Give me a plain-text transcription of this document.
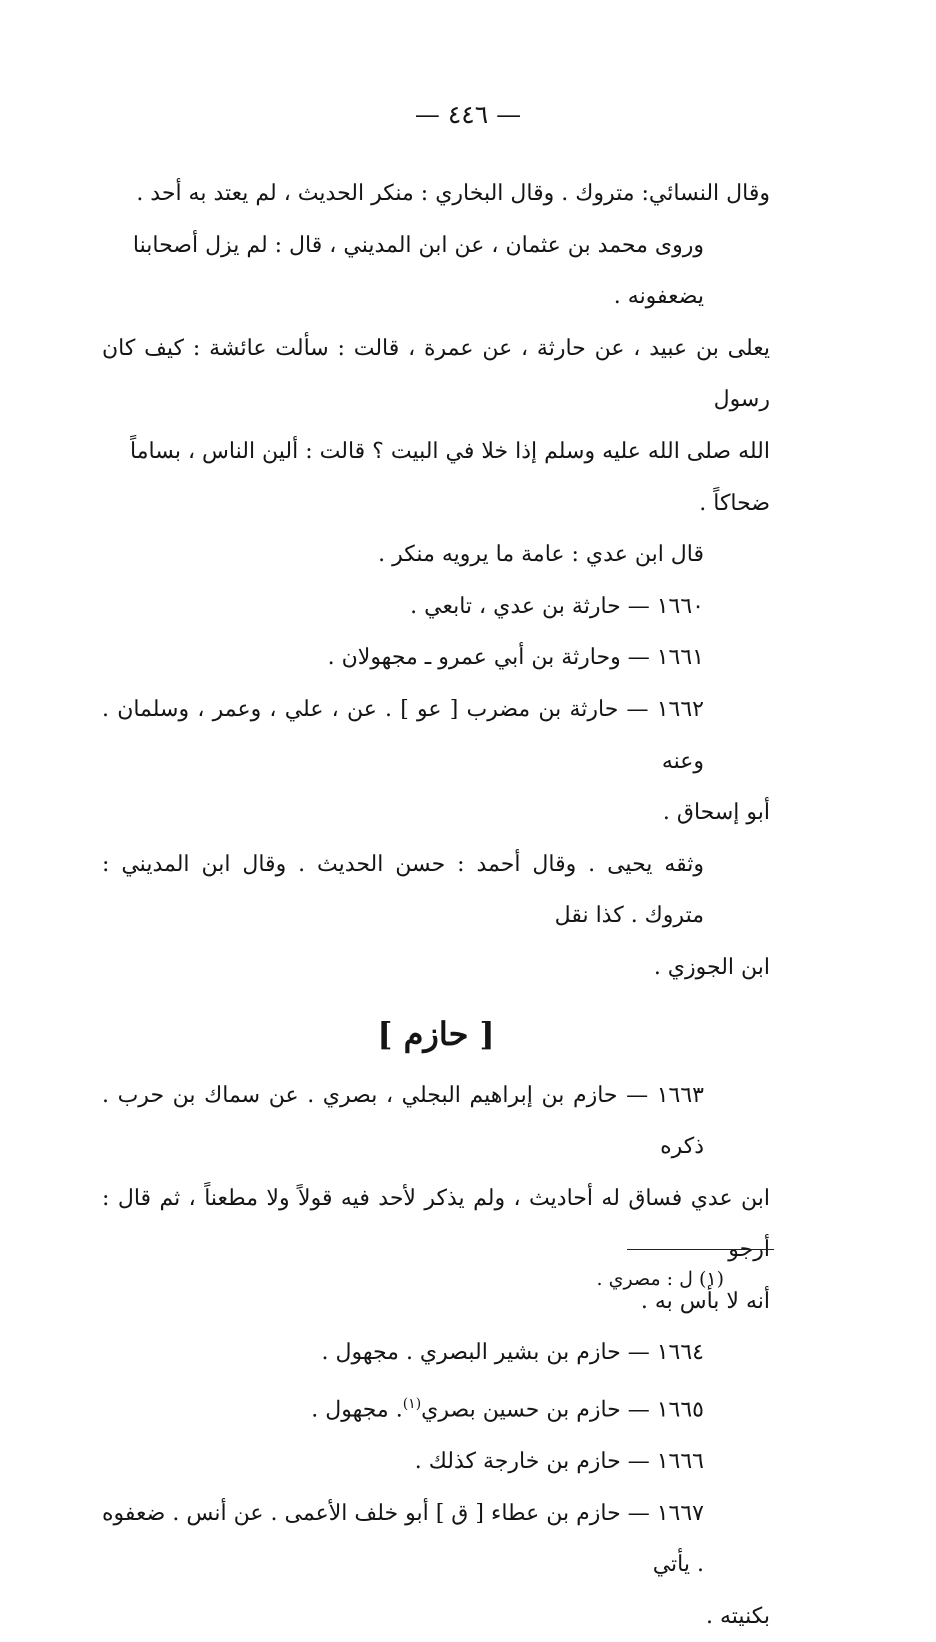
— ٤٤٦ —

وقال النسائي: متروك . وقال البخاري : منكر الحديث ، لم يعتد به أحد .

وروى محمد بن عثمان ، عن ابن المديني ، قال : لم يزل أصحابنا يضعفونه .

يعلى بن عبيد ، عن حارثة ، عن عمرة ، قالت : سألت عائشة : كيف كان رسول

الله صلى الله عليه وسلم إذا خلا في البيت ؟ قالت : ألين الناس ، بساماً ضحاكاً .

قال ابن عدي : عامة ما يرويه منكر .

١٦٦٠ — حارثة بن عدي ، تابعي .

١٦٦١ — وحارثة بن أبي عمرو ـ مجهولان .

١٦٦٢ — حارثة بن مضرب [ عو ] . عن ، علي ، وعمر ، وسلمان . وعنه

أبو إسحاق .

وثقه يحيى . وقال أحمد : حسن الحديث . وقال ابن المديني : متروك . كذا نقل

ابن الجوزي .

[ حازم ]

١٦٦٣ — حازم بن إبراهيم البجلي ، بصري . عن سماك بن حرب . ذكره

ابن عدي فساق له أحاديث ، ولم يذكر لأحد فيه قولاً ولا مطعناً ، ثم قال : أرجو

أنه لا بأس به .

١٦٦٤ — حازم بن بشير البصري . مجهول .

١٦٦٥ — حازم بن حسين بصري$^{(١)}$. مجهول .

١٦٦٦ — حازم بن خارجة كذلك .

١٦٦٧ — حازم بن عطاء [ ق ] أبو خلف الأعمى . عن أنس . ضعفوه . يأتي

بكنيته .

(١) ل : مصري .
